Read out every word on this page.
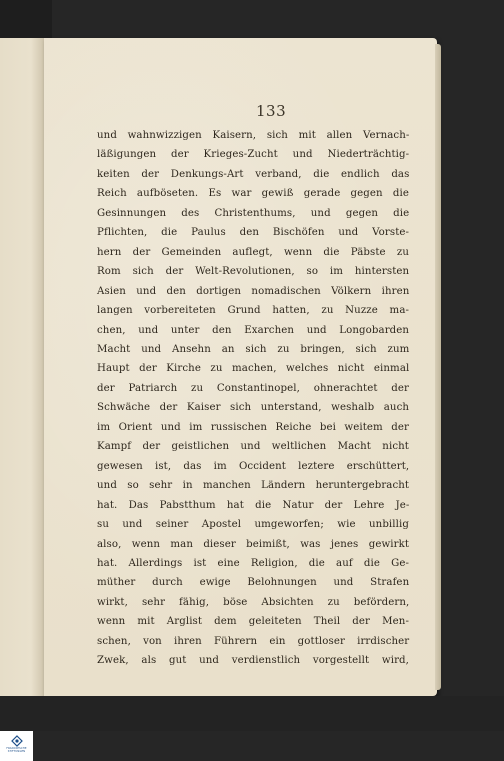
133
und wahnwizzigen Kaisern, sich mit allen Vernach-
läßigungen der Krieges-Zucht und Niederträchtig-
keiten der Denkungs-Art verband, die endlich das
Reich aufböseten. Es war gewiß gerade gegen die
Gesinnungen des Christenthums, und gegen die
Pflichten, die Paulus den Bischöfen und Vorste-
hern der Gemeinden auflegt, wenn die Päbste zu
Rom sich der Welt-Revolutionen, so im hintersten
Asien und den dortigen nomadischen Völkern ihren
langen vorbereiteten Grund hatten, zu Nuzze ma-
chen, und unter den Exarchen und Longobarden
Macht und Ansehn an sich zu bringen, sich zum
Haupt der Kirche zu machen, welches nicht einmal
der Patriarch zu Constantinopel, ohnerachtet der
Schwäche der Kaiser sich unterstand, weshalb auch
im Orient und im russischen Reiche bei weitem der
Kampf der geistlichen und weltlichen Macht nicht
gewesen ist, das im Occident leztere erschüttert,
und so sehr in manchen Ländern heruntergebracht
hat. Das Pabstthum hat die Natur der Lehre Je-
su und seiner Apostel umgeworfen; wie unbillig
also, wenn man dieser beimißt, was jenes gewirkt
hat. Allerdings ist eine Religion, die auf die Ge-
müther durch ewige Belohnungen und Strafen
wirkt, sehr fähig, böse Absichten zu befördern,
wenn mit Arglist dem geleiteten Theil der Men-
schen, von ihren Führern ein gottloser irrdischer
Zwek, als gut und verdienstlich vorgestellt wird,
FRANCKESCHE
STIFTUNGEN
